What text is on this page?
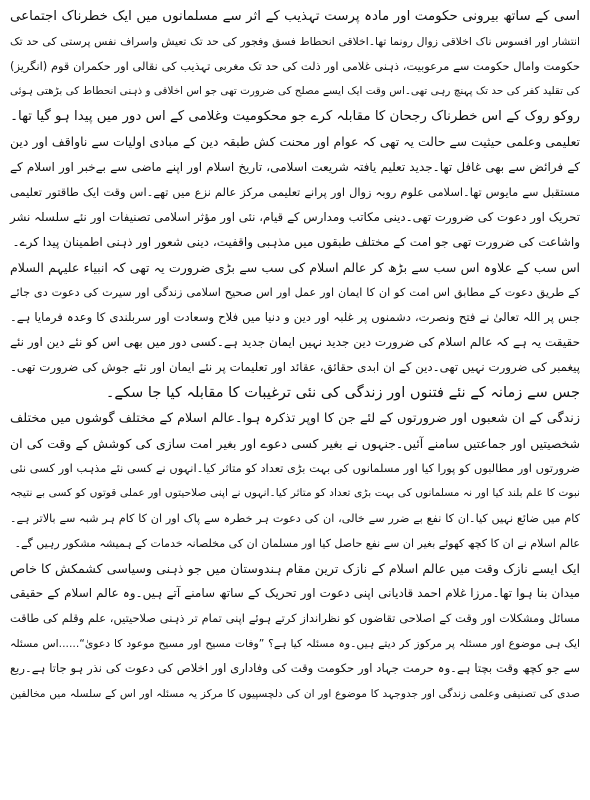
اسی کے ساتھ بیرونی حکومت اور مادہ پرست تہذیب کے اثر سے مسلمانوں میں ایک خطرناک اجتماعی
انتشار اور افسوس ناک اخلاقی زوال رونما تھا۔اخلاقی انحطاط فسق وفجور کی حد تک تعیش واسراف نفس پرستی کی حد تک
حکومت وامال حکومت سے مرعوبیت، ذہنی غلامی اور ذلت کی حد تک مغربی تہذیب کی نقالی اور حکمران قوم (انگریز)
کی تقلید کفر کی حد تک پہنچ رہی تھی۔اس وقت ایک ایسے مصلح کی ضرورت تھی جو اس اخلاقی و ذہنی انحطاط کی بڑھتی ہوئی
روکو روک کے اس خطرناک رجحان کا مقابلہ کرے جو محکومیت وغلامی کے اس دور میں پیدا ہو گیا تھا۔
تعلیمی وعلمی حیثیت سے حالت یہ تھی کہ عوام اور محنت کش طبقہ دین کے مبادی اولیات سے ناواقف اور دین
کے فرائض سے بھی غافل تھا۔جدید تعلیم یافتہ شریعت اسلامی، تاریخ اسلام اور اپنے ماضی سے بےخبر اور اسلام کے
مستقبل سے مایوس تھا۔اسلامی علوم روبہ زوال اور پرانے تعلیمی مرکز عالم نزع میں تھے۔اس وقت ایک طاقتور تعلیمی
تحریک اور دعوت کی ضرورت تھی۔دینی مکاتب ومدارس کے قیام، نئی اور مؤثر اسلامی تصنیفات اور نئے سلسلہ نشر
واشاعت کی ضرورت تھی جو امت کے مختلف طبقوں میں مذہبی واقفیت، دینی شعور اور ذہنی اطمینان پیدا کرے۔
اس سب کے علاوہ اس سب سے بڑھ کر عالم اسلام کی سب سے بڑی ضرورت یہ تھی کہ انبیاء علیہم السلام
کے طریق دعوت کے مطابق اس امت کو ان کا ایمان اور عمل اور اس صحیح اسلامی زندگی اور سیرت کی دعوت دی جائے
جس پر اللہ تعالیٰ نے فتح ونصرت، دشمنوں پر غلبہ اور دین و دنیا میں فلاح وسعادت اور سربلندی کا وعدہ فرمایا ہے۔
حقیقت یہ ہے کہ عالم اسلام کی ضرورت دین جدید نہیں ایمان جدید ہے۔کسی دور میں بھی اس کو نئے دین اور نئے
پیغمبر کی ضرورت نہیں تھی۔دین کے ان ابدی حقائق، عقائد اور تعلیمات پر نئے ایمان اور نئے جوش کی ضرورت تھی۔
جس سے زمانہ کے نئے فتنوں اور زندگی کی نئی ترغیبات کا مقابلہ کیا جا سکے۔
زندگی کے ان شعبوں اور ضرورتوں کے لئے جن کا اوپر تذکرہ ہوا۔عالم اسلام کے مختلف گوشوں میں مختلف
شخصیتیں اور جماعتیں سامنے آئیں۔جنہوں نے بغیر کسی دعوے اور بغیر امت سازی کی کوشش کے وقت کی ان
ضرورتوں اور مطالبوں کو پورا کیا اور مسلمانوں کی بہت بڑی تعداد کو متاثر کیا۔انہوں نے کسی نئے مذہب اور کسی نئی
نبوت کا علم بلند کیا اور نہ مسلمانوں کی بہت بڑی تعداد کو متاثر کیا۔انہوں نے اپنی صلاحیتوں اور عملی قوتوں کو کسی بے نتیجہ
کام میں ضائع نہیں کیا۔ان کا نفع بے ضرر سے خالی، ان کی دعوت ہر خطرہ سے پاک اور ان کا کام ہر شبہ سے بالاتر ہے۔
عالم اسلام نے ان کا کچھ کھوئے بغیر ان سے نفع حاصل کیا اور مسلمان ان کی مخلصانہ خدمات کے ہمیشہ مشکور رہیں گے۔
ایک ایسے نازک وقت میں عالم اسلام کے نازک ترین مقام ہندوستان میں جو ذہنی وسیاسی کشمکش کا خاص
میدان بنا ہوا تھا۔مرزا غلام احمد قادیانی اپنی دعوت اور تحریک کے ساتھ سامنے آتے ہیں۔وہ عالم اسلام کے حقیقی
مسائل ومشکلات اور وقت کے اصلاحی تقاضوں کو نظرانداز کرتے ہوئے اپنی تمام تر ذہنی صلاحیتیں، علم وقلم کی طاقت
ایک ہی موضوع اور مسئلہ پر مرکوز کر دیتے ہیں۔وہ مسئلہ کیا ہے؟ ”وفات مسیح اور مسیح موعود کا دعویٰ“......اس مسئلہ
سے جو کچھ وقت بچتا ہے۔وہ حرمت جہاد اور حکومت وقت کی وفاداری اور اخلاص کی دعوت کی نذر ہو جاتا ہے۔ربع
صدی کی تصنیفی وعلمی زندگی اور جدوجہد کا موضوع اور ان کی دلچسپیوں کا مرکز یہ مسئلہ اور اس کے سلسلہ میں مخالفین
